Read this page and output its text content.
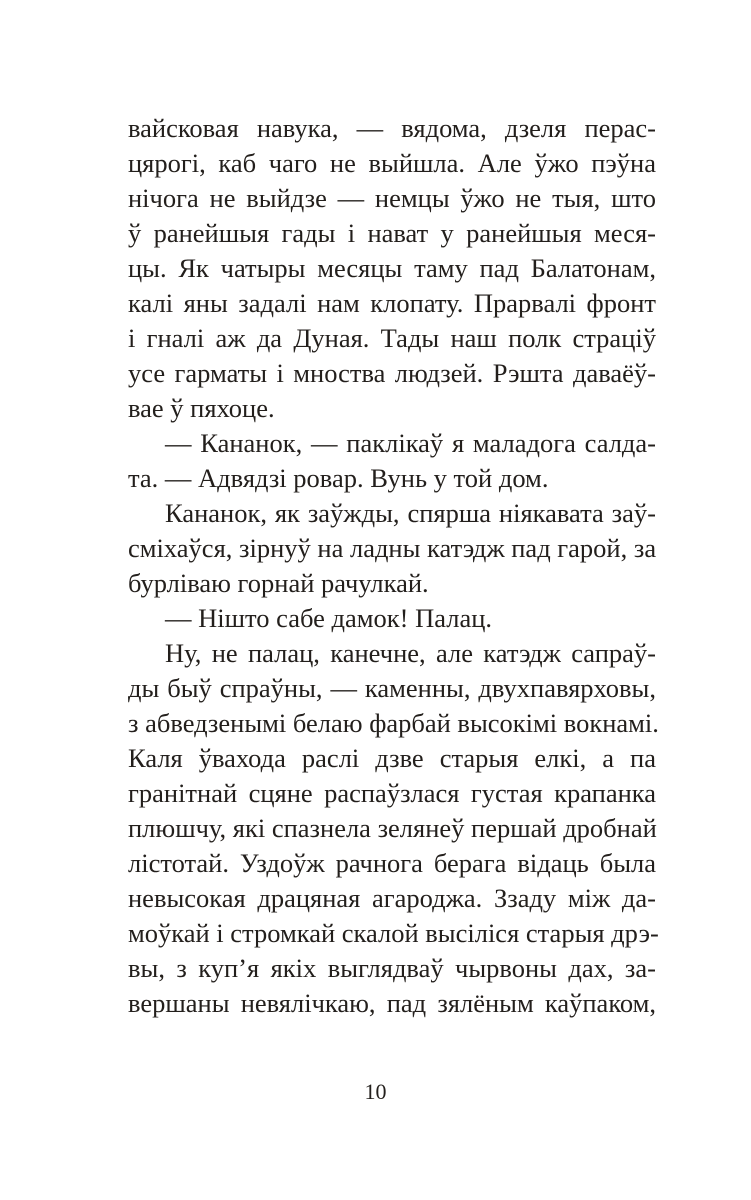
вайсковая навука, — вядома, дзеля перас-
цярогі, каб чаго не выйшла. Але ўжо пэўна
нічога не выйдзе — немцы ўжо не тыя, што
ў ранейшыя гады і нават у ранейшыя меся-
цы. Як чатыры месяцы таму пад Балатонам,
калі яны задалі нам клопату. Прарвалі фронт
і гналі аж да Дуная. Тады наш полк страціў
усе гарматы і мноства людзей. Рэшта даваёў-
вае ў пяхоце.
— Кананок, — паклікаў я маладога салда-
та. — Адвядзі ровар. Вунь у той дом.
Кананок, як заўжды, спярша ніякавата заў-
сміхаўся, зірнуў на ладны катэдж пад гарой, за
бурліваю горнай рачулкай.
— Нішто сабе дамок! Палац.
Ну, не палац, канечне, але катэдж сапраў-
ды быў спраўны, — каменны, двухпавярховы,
з абведзенымі белаю фарбай высокімі вокнамі.
Каля ўвахода раслі дзве старыя елкі, а па
гранітнай сцяне распаўзлася густая крапанка
плюшчу, які спазнела зелянеў першай дробнай
лістотай. Уздоўж рачнога берага відаць была
невысокая драцяная агароджа. Ззаду між да-
моўкай і стромкай скалой высіліся старыя дрэ-
вы, з куп’я якіх выглядваў чырвоны дах, за-
вершаны невялічкаю, пад зялёным каўпаком,
10
